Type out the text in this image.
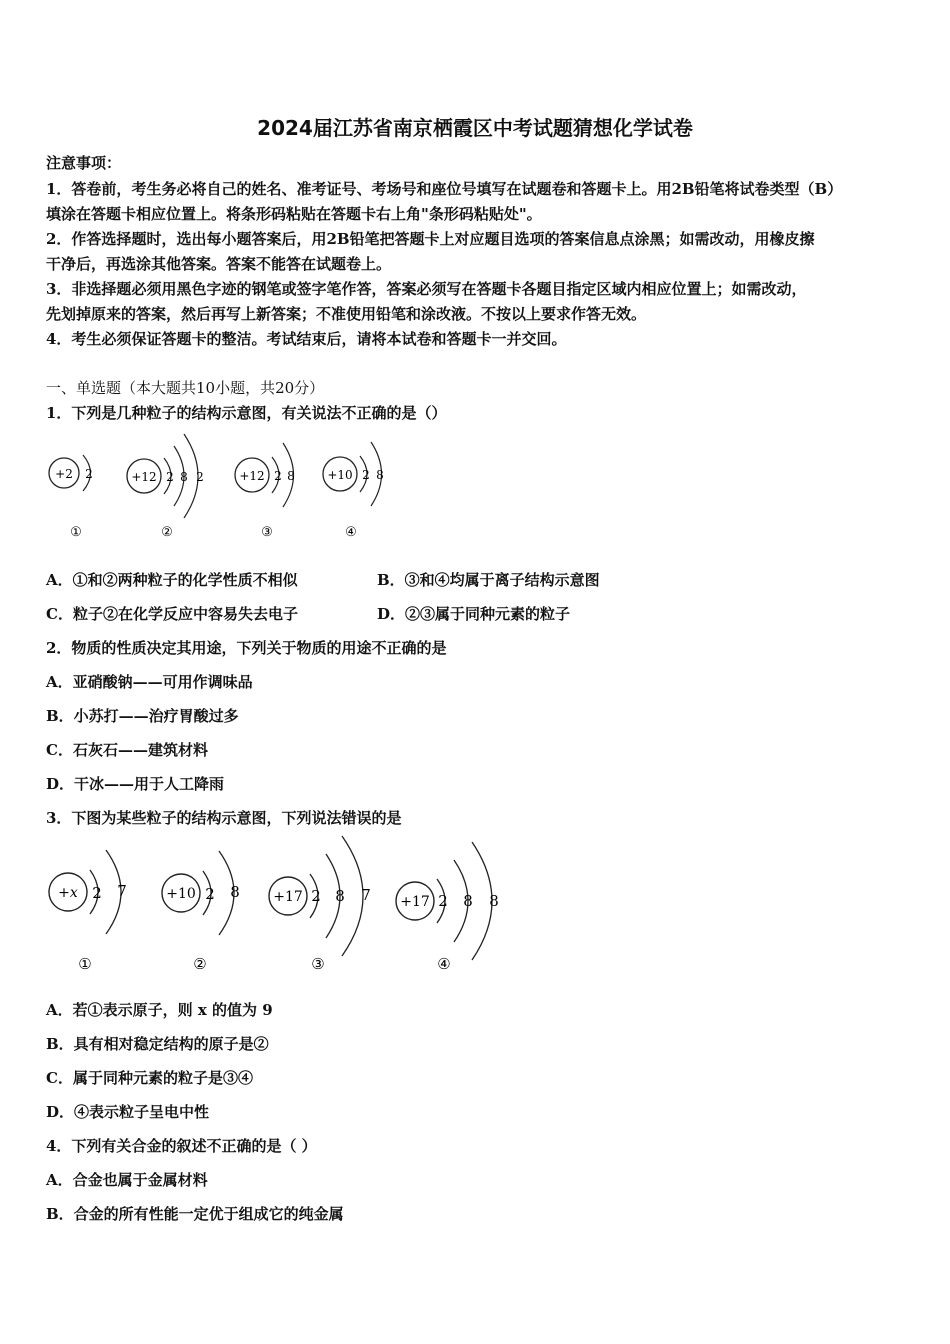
2024届江苏省南京栖霞区中考试题猜想化学试卷
注意事项：
1．答卷前，考生务必将自己的姓名、准考证号、考场号和座位号填写在试题卷和答题卡上。用2B铅笔将试卷类型（B）
填涂在答题卡相应位置上。将条形码粘贴在答题卡右上角"条形码粘贴处"。
2．作答选择题时，选出每小题答案后，用2B铅笔把答题卡上对应题目选项的答案信息点涂黑；如需改动，用橡皮擦
干净后，再选涂其他答案。答案不能答在试题卷上。
3．非选择题必须用黑色字迹的钢笔或签字笔作答，答案必须写在答题卡各题目指定区域内相应位置上；如需改动，
先划掉原来的答案，然后再写上新答案；不准使用铅笔和涂改液。不按以上要求作答无效。
4．考生必须保证答题卡的整洁。考试结束后，请将本试卷和答题卡一并交回。
一、单选题（本大题共10小题，共20分）
1．下列是几种粒子的结构示意图，有关说法不正确的是（）
+2 2
①
+12 2 8 2
②
+12 2 8
③
+10 2 8
④
A．①和②两种粒子的化学性质不相似	B．③和④均属于离子结构示意图
C．粒子②在化学反应中容易失去电子	D．②③属于同种元素的粒子
2．物质的性质决定其用途，下列关于物质的用途不正确的是
A．亚硝酸钠——可用作调味品
B．小苏打——治疗胃酸过多
C．石灰石——建筑材料
D．干冰——用于人工降雨
3．下图为某些粒子的结构示意图，下列说法错误的是
+x 2 7
①
+10 2 8
②
+17 2 8 7
③
+17 2 8 8
④
A．若①表示原子，则 x 的值为 9
B．具有相对稳定结构的原子是②
C．属于同种元素的粒子是③④
D．④表示粒子呈电中性
4．下列有关合金的叙述不正确的是（ ）
A．合金也属于金属材料
B．合金的所有性能一定优于组成它的纯金属
